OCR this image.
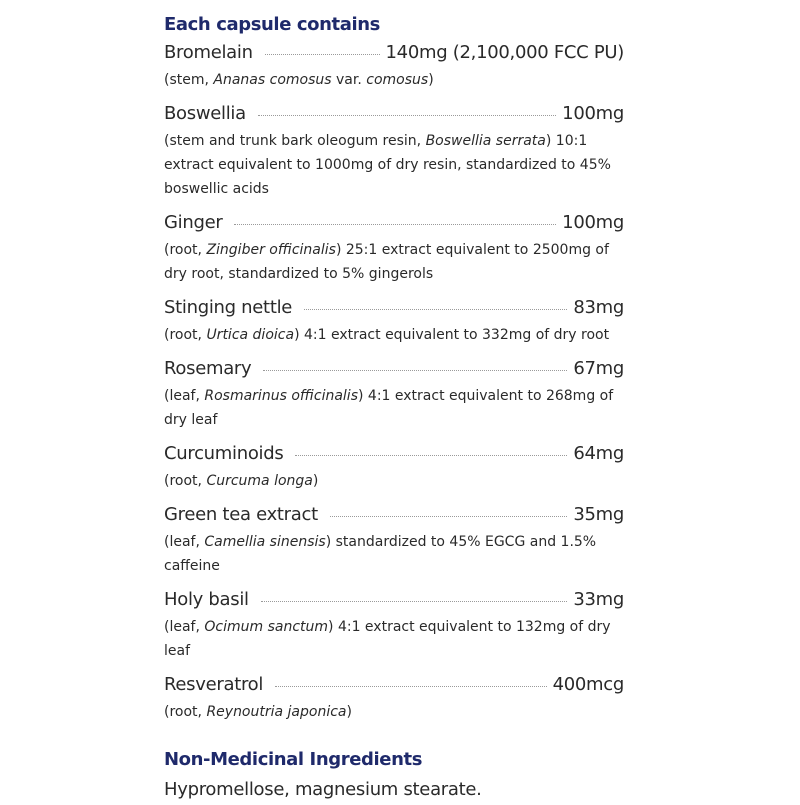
Each capsule contains
Bromelain	140mg (2,100,000 FCC PU)
(stem, Ananas comosus var. comosus)
Boswellia	100mg
(stem and trunk bark oleogum resin, Boswellia serrata) 10:1 extract equivalent to 1000mg of dry resin, standardized to 45% boswellic acids
Ginger	100mg
(root, Zingiber officinalis) 25:1 extract equivalent to 2500mg of dry root, standardized to 5% gingerols
Stinging nettle	83mg
(root, Urtica dioica) 4:1 extract equivalent to 332mg of dry root
Rosemary	67mg
(leaf, Rosmarinus officinalis) 4:1 extract equivalent to 268mg of dry leaf
Curcuminoids	64mg
(root, Curcuma longa)
Green tea extract	35mg
(leaf, Camellia sinensis) standardized to 45% EGCG and 1.5% caffeine
Holy basil	33mg
(leaf, Ocimum sanctum) 4:1 extract equivalent to 132mg of dry leaf
Resveratrol	400mcg
(root, Reynoutria japonica)
Non-Medicinal Ingredients
Hypromellose, magnesium stearate.
